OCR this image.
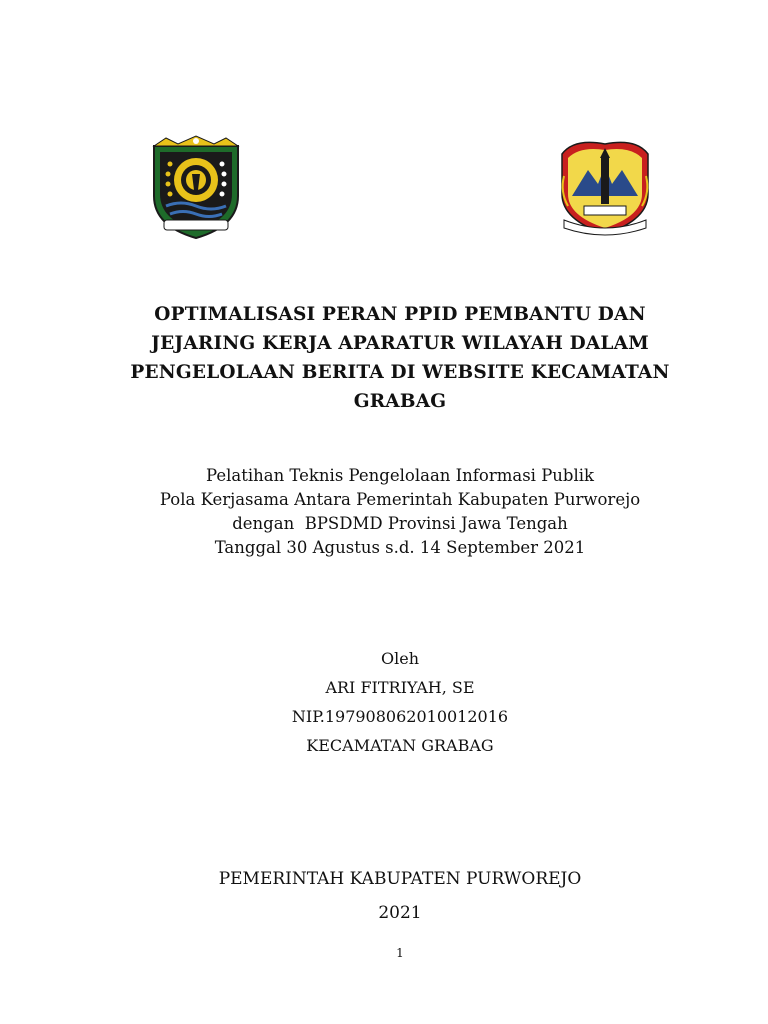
OPTIMALISASI PERAN PPID PEMBANTU DAN
JEJARING KERJA APARATUR WILAYAH DALAM
PENGELOLAAN BERITA DI WEBSITE KECAMATAN
GRABAG
Pelatihan Teknis Pengelolaan Informasi Publik
Pola Kerjasama Antara Pemerintah Kabupaten Purworejo
dengan  BPSDMD Provinsi Jawa Tengah
Tanggal 30 Agustus s.d. 14 September 2021
Oleh
ARI FITRIYAH, SE
NIP.197908062010012016
KECAMATAN GRABAG
PEMERINTAH KABUPATEN PURWOREJO
2021
1
